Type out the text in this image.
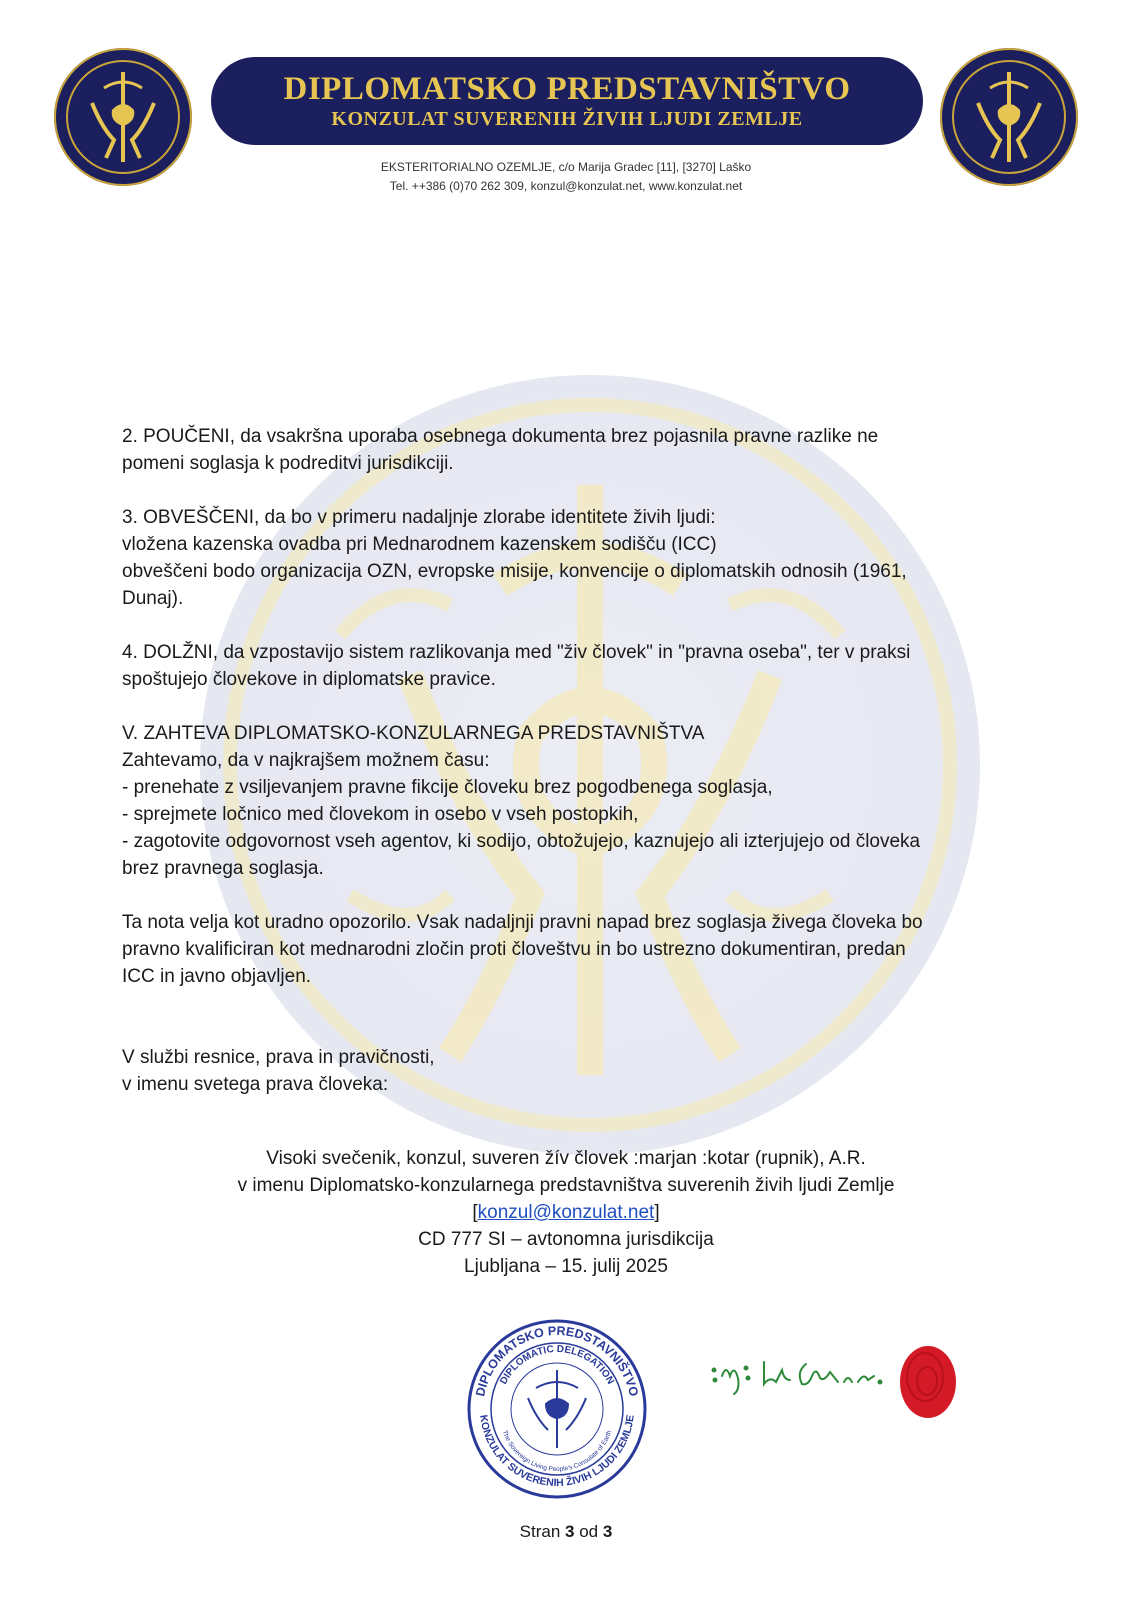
DIPLOMATSKO PREDSTAVNIŠTVO
KONZULAT SUVERENIH ŽIVIH LJUDI ZEMLJE
EKSTERITORIALNO OZEMLJE, c/o Marija Gradec [11], [3270] Laško
Tel. ++386 (0)70 262 309, konzul@konzulat.net, www.konzulat.net

2. POUČENI, da vsakršna uporaba osebnega dokumenta brez pojasnila pravne razlike ne
pomeni soglasja k podreditvi jurisdikciji.

3. OBVEŠČENI, da bo v primeru nadaljnje zlorabe identitete živih ljudi:
vložena kazenska ovadba pri Mednarodnem kazenskem sodišču (ICC)
obveščeni bodo organizacija OZN, evropske misije, konvencije o diplomatskih odnosih (1961,
Dunaj).

4. DOLŽNI, da vzpostavijo sistem razlikovanja med "živ človek" in "pravna oseba", ter v praksi
spoštujejo človekove in diplomatske pravice.

V. ZAHTEVA DIPLOMATSKO-KONZULARNEGA PREDSTAVNIŠTVA
Zahtevamo, da v najkrajšem možnem času:
- prenehate z vsiljevanjem pravne fikcije človeku brez pogodbenega soglasja,
- sprejmete ločnico med človekom in osebo v vseh postopkih,
- zagotovite odgovornost vseh agentov, ki sodijo, obtožujejo, kaznujejo ali izterjujejo od človeka
brez pravnega soglasja.

Ta nota velja kot uradno opozorilo. Vsak nadaljnji pravni napad brez soglasja živega človeka bo
pravno kvalificiran kot mednarodni zločin proti človeštvu in bo ustrezno dokumentiran, predan
ICC in javno objavljen.

V službi resnice, prava in pravičnosti,
v imenu svetega prava človeka:

Visoki svečenik, konzul, suveren žív človek :marjan :kotar (rupnik), A.R.
v imenu Diplomatsko-konzularnega predstavništva suverenih živih ljudi Zemlje
[konzul@konzulat.net]
CD 777 SI – avtonomna jurisdikcija
Ljubljana – 15. julij 2025
DIPLOMATSKO PREDSTAVNIŠTVO
DIPLOMATIC DELEGATION
KONZULAT SUVERENIH ŽIVIH LJUDI ZEMLJE
The Sovereign Living People's Consulate of Earth
Stran 3 od 3
